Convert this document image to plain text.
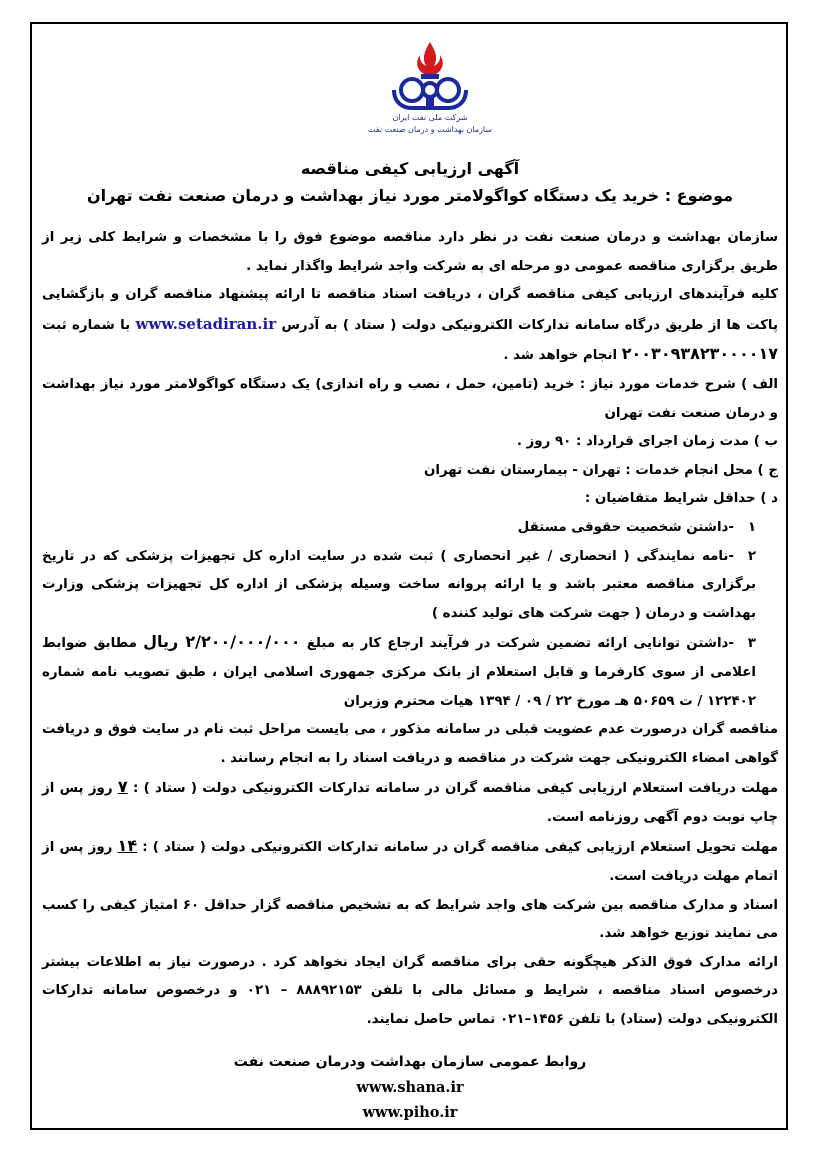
شرکت ملی نفت ایران
سازمان بهداشت و درمان صنعت نفت
آگهی ارزیابی کیفی مناقصه
موضوع : خرید یک دستگاه کواگولامتر مورد نیاز بهداشت و درمان صنعت نفت تهران

سازمان بهداشت و درمان صنعت نفت در نظر دارد مناقصه موضوع فوق را با مشخصات و شرایط کلی زیر از طریق برگزاری مناقصه عمومی دو مرحله ای به شرکت واجد شرایط واگذار نماید .

کلیه فرآیندهای ارزیابی کیفی مناقصه گران ، دریافت اسناد مناقصه تا ارائه پیشنهاد مناقصه گران و بازگشایی پاکت ها از طریق درگاه سامانه تدارکات الکترونیکی دولت ( ستاد ) به آدرس www.setadiran.ir با شماره ثبت ۲۰۰۳۰۹۳۸۲۳۰۰۰۰۱۷ انجام خواهد شد .

الف ) شرح خدمات مورد نیاز : خرید (تامین، حمل ، نصب و راه اندازی) یک دستگاه کواگولامتر مورد نیاز بهداشت و درمان صنعت نفت تهران

ب ) مدت زمان اجرای قرارداد : ۹۰ روز .

ج ) محل انجام خدمات : تهران - بیمارستان نفت تهران

د ) حداقل شرایط متقاضیان :

۱-داشتن شخصیت حقوقی مستقل

۲-نامه نمایندگی ( انحصاری / غیر انحصاری ) ثبت شده در سایت اداره کل تجهیزات پزشکی که در تاریخ برگزاری مناقصه معتبر باشد و یا ارائه پروانه ساخت وسیله پزشکی از اداره کل تجهیزات پزشکی وزارت بهداشت و درمان ( جهت شرکت های تولید کننده )

۳-داشتن توانایی ارائه تضمین شرکت در فرآیند ارجاع کار به مبلغ ۲/۲۰۰/۰۰۰/۰۰۰ ریال مطابق ضوابط اعلامی از سوی کارفرما و قابل استعلام از بانک مرکزی جمهوری اسلامی ایران ، طبق تصویب نامه شماره ۱۲۲۴۰۲ / ت ۵۰۶۵۹ هـ مورخ ۲۲ / ۰۹ / ۱۳۹۴ هیات محترم وزیران

مناقصه گران درصورت عدم عضویت قبلی در سامانه مذکور ، می بایست مراحل ثبت نام در سایت فوق و دریافت گواهی امضاء الکترونیکی جهت شرکت در مناقصه و دریافت اسناد را به انجام رسانند .

مهلت دریافت استعلام ارزیابی کیفی مناقصه گران در سامانه تدارکات الکترونیکی دولت ( ستاد ) : ۷ روز پس از چاپ نوبت دوم آگهی روزنامه است.

مهلت تحویل استعلام ارزیابی کیفی مناقصه گران در سامانه تدارکات الکترونیکی دولت ( ستاد ) : ۱۴ روز پس از اتمام مهلت دریافت است.

اسناد و مدارک مناقصه بین شرکت های واجد شرایط که به تشخیص مناقصه گزار حداقل ۶۰ امتیاز کیفی را کسب می نمایند توزیع خواهد شد.

ارائه مدارک فوق الذکر هیچگونه حقی برای مناقصه گران ایجاد نخواهد کرد . درصورت نیاز به اطلاعات بیشتر درخصوص اسناد مناقصه ، شرایط و مسائل مالی با تلفن ۸۸۸۹۲۱۵۳ – ۰۲۱ و درخصوص سامانه تدارکات الکترونیکی دولت (ستاد) با تلفن ۱۴۵۶–۰۲۱ تماس حاصل نمایند.

روابط عمومی سازمان بهداشت ودرمان صنعت نفت
www.shana.ir
www.piho.ir
